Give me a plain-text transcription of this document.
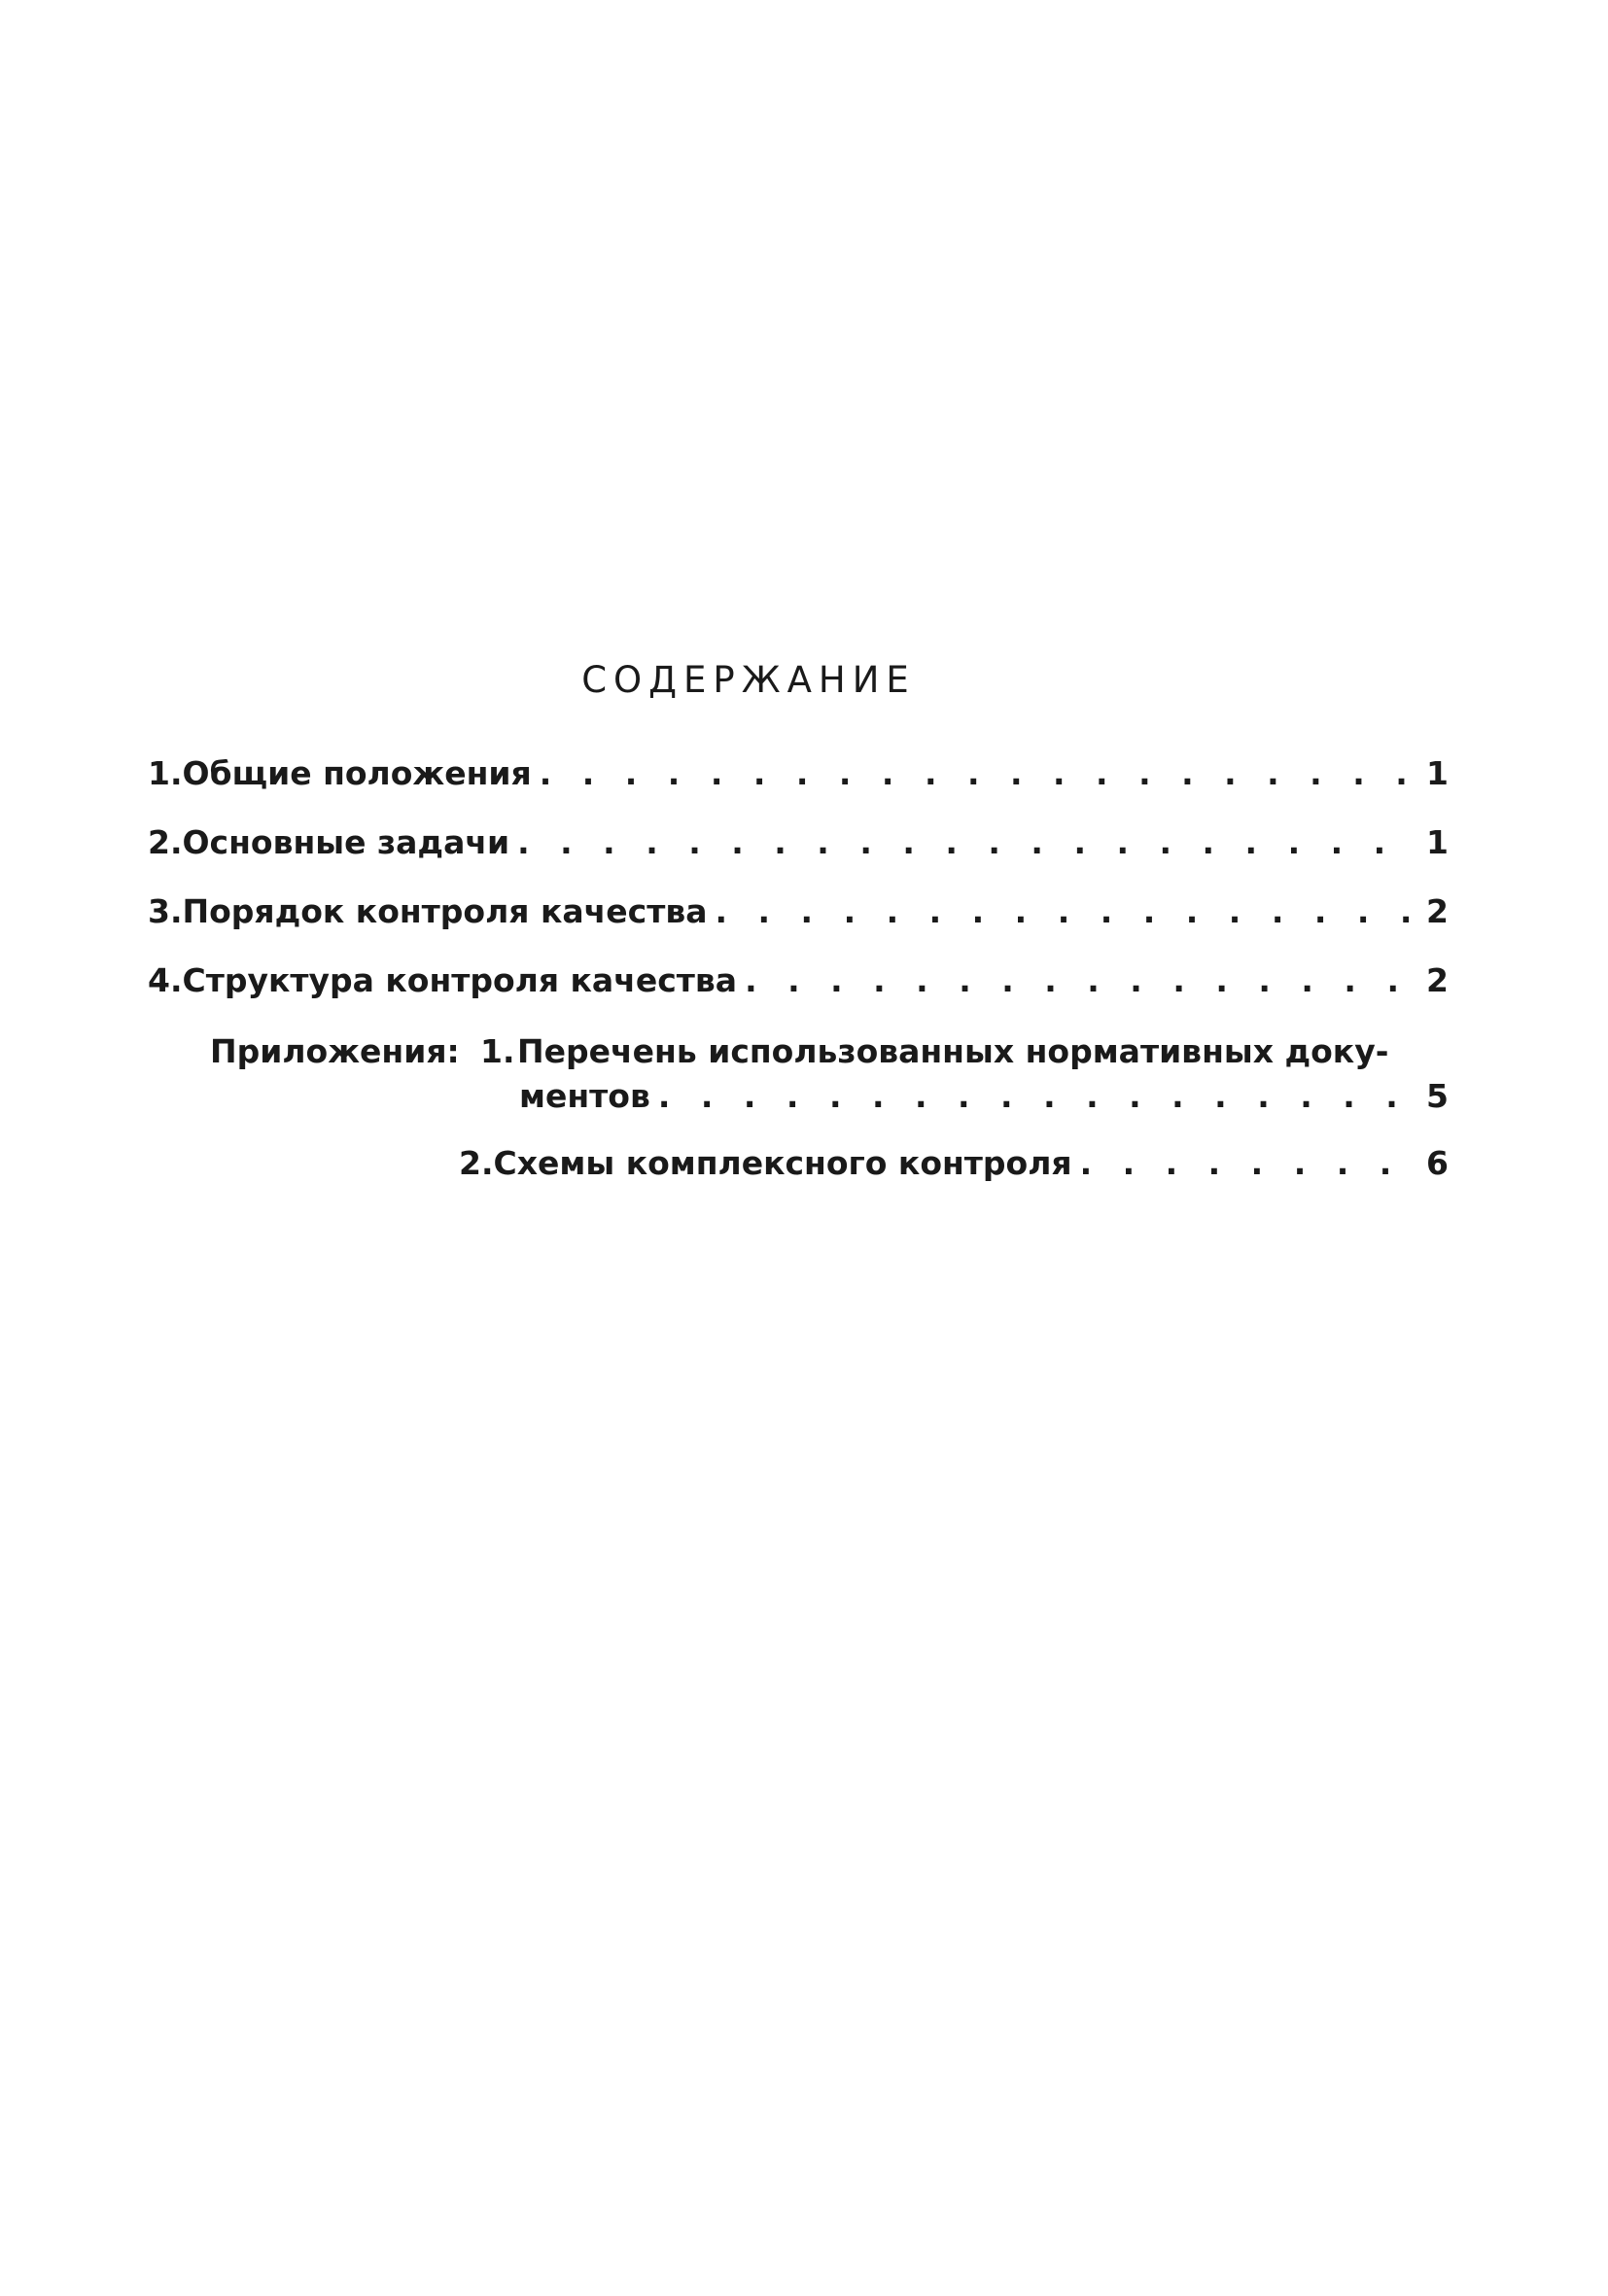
СОДЕРЖАНИЕ
1. Общие положения . . .	1
2. Основные задачи . . .	1
3. Порядок контроля качества . . .	2
4. Структура контроля качества . . .	2
Приложения: 1. Перечень использованных нормативных доку-
ментов . . .	5
2. Схемы комплексного контроля . . .	6
